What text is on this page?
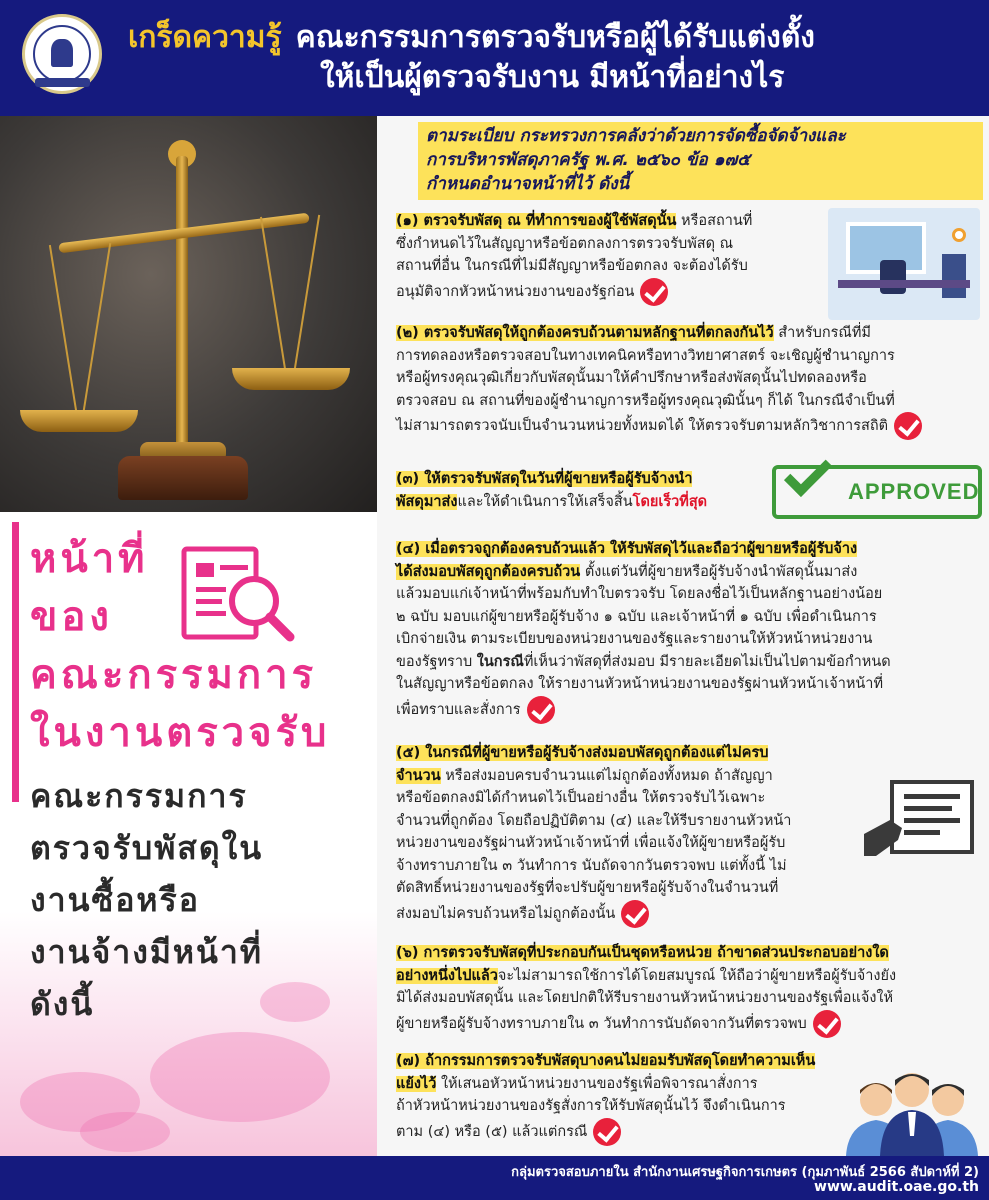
เกร็ดความรู้ คณะกรรมการตรวจรับหรือผู้ได้รับแต่งตั้ง
ให้เป็นผู้ตรวจรับงาน มีหน้าที่อย่างไร
หน้าที่
ของ
คณะกรรมการ
ในงานตรวจรับ
คณะกรรมการ
ตรวจรับพัสดุใน
งานซื้อหรือ
งานจ้างมีหน้าที่
ดังนี้
ตามระเบียบ กระทรวงการคลังว่าด้วยการจัดซื้อจัดจ้างและ
การบริหารพัสดุภาครัฐ พ.ศ. ๒๕๖๐ ข้อ ๑๗๕
กำหนดอำนาจหน้าที่ไว้ ดังนี้
(๑) ตรวจรับพัสดุ ณ ที่ทำการของผู้ใช้พัสดุนั้น หรือสถานที่
ซึ่งกำหนดไว้ในสัญญาหรือข้อตกลงการตรวจรับพัสดุ ณ
สถานที่อื่น ในกรณีที่ไม่มีสัญญาหรือข้อตกลง จะต้องได้รับ
อนุมัติจากหัวหน้าหน่วยงานของรัฐก่อน
(๒) ตรวจรับพัสดุให้ถูกต้องครบถ้วนตามหลักฐานที่ตกลงกันไว้ สำหรับกรณีที่มี
การทดลองหรือตรวจสอบในทางเทคนิคหรือทางวิทยาศาสตร์ จะเชิญผู้ชำนาญการ
หรือผู้ทรงคุณวุฒิเกี่ยวกับพัสดุนั้นมาให้คำปรึกษาหรือส่งพัสดุนั้นไปทดลองหรือ
ตรวจสอบ ณ สถานที่ของผู้ชำนาญการหรือผู้ทรงคุณวุฒินั้นๆ ก็ได้ ในกรณีจำเป็นที่
ไม่สามารถตรวจนับเป็นจำนวนหน่วยทั้งหมดได้ ให้ตรวจรับตามหลักวิชาการสถิติ
(๓) ให้ตรวจรับพัสดุในวันที่ผู้ขายหรือผู้รับจ้างนำ
พัสดุมาส่งและให้ดำเนินการให้เสร็จสิ้นโดยเร็วที่สุด	APPROVED
(๔) เมื่อตรวจถูกต้องครบถ้วนแล้ว ให้รับพัสดุไว้และถือว่าผู้ขายหรือผู้รับจ้าง
ได้ส่งมอบพัสดุถูกต้องครบถ้วน ตั้งแต่วันที่ผู้ขายหรือผู้รับจ้างนำพัสดุนั้นมาส่ง
แล้วมอบแก่เจ้าหน้าที่พร้อมกับทำใบตรวจรับ โดยลงชื่อไว้เป็นหลักฐานอย่างน้อย
๒ ฉบับ มอบแก่ผู้ขายหรือผู้รับจ้าง ๑ ฉบับ และเจ้าหน้าที่ ๑ ฉบับ เพื่อดำเนินการ
เบิกจ่ายเงิน ตามระเบียบของหน่วยงานของรัฐและรายงานให้หัวหน้าหน่วยงาน
ของรัฐทราบ ในกรณีที่เห็นว่าพัสดุที่ส่งมอบ มีรายละเอียดไม่เป็นไปตามข้อกำหนด
ในสัญญาหรือข้อตกลง ให้รายงานหัวหน้าหน่วยงานของรัฐผ่านหัวหน้าเจ้าหน้าที่
เพื่อทราบและสั่งการ
(๕) ในกรณีที่ผู้ขายหรือผู้รับจ้างส่งมอบพัสดุถูกต้องแต่ไม่ครบ
จำนวน หรือส่งมอบครบจำนวนแต่ไม่ถูกต้องทั้งหมด ถ้าสัญญา
หรือข้อตกลงมิได้กำหนดไว้เป็นอย่างอื่น ให้ตรวจรับไว้เฉพาะ
จำนวนที่ถูกต้อง โดยถือปฏิบัติตาม (๔) และให้รีบรายงานหัวหน้า
หน่วยงานของรัฐผ่านหัวหน้าเจ้าหน้าที่ เพื่อแจ้งให้ผู้ขายหรือผู้รับ
จ้างทราบภายใน ๓ วันทำการ นับถัดจากวันตรวจพบ แต่ทั้งนี้ ไม่
ตัดสิทธิ์หน่วยงานของรัฐที่จะปรับผู้ขายหรือผู้รับจ้างในจำนวนที่
ส่งมอบไม่ครบถ้วนหรือไม่ถูกต้องนั้น
(๖) การตรวจรับพัสดุที่ประกอบกันเป็นชุดหรือหน่วย ถ้าขาดส่วนประกอบอย่างใด
อย่างหนึ่งไปแล้วจะไม่สามารถใช้การได้โดยสมบูรณ์ ให้ถือว่าผู้ขายหรือผู้รับจ้างยัง
มิได้ส่งมอบพัสดุนั้น และโดยปกติให้รีบรายงานหัวหน้าหน่วยงานของรัฐเพื่อแจ้งให้
ผู้ขายหรือผู้รับจ้างทราบภายใน ๓ วันทำการนับถัดจากวันที่ตรวจพบ
(๗) ถ้ากรรมการตรวจรับพัสดุบางคนไม่ยอมรับพัสดุโดยทำความเห็น
แย้งไว้ ให้เสนอหัวหน้าหน่วยงานของรัฐเพื่อพิจารณาสั่งการ
ถ้าหัวหน้าหน่วยงานของรัฐสั่งการให้รับพัสดุนั้นไว้ จึงดำเนินการ
ตาม (๔) หรือ (๕) แล้วแต่กรณี
กลุ่มตรวจสอบภายใน สำนักงานเศรษฐกิจการเกษตร (กุมภาพันธ์ 2566 สัปดาห์ที่ 2)
www.audit.oae.go.th
